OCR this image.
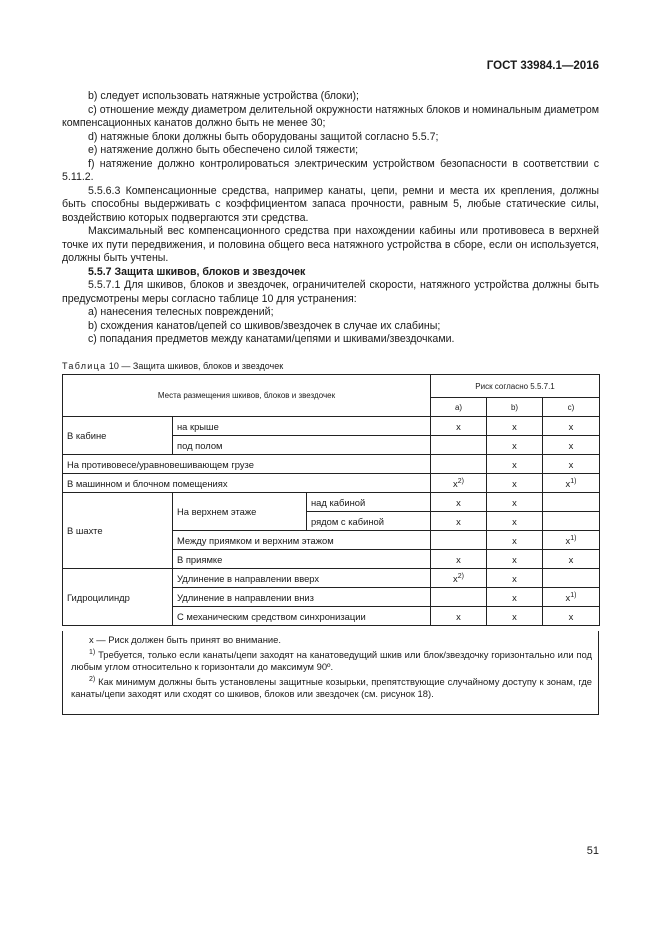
ГОСТ 33984.1—2016

b) следует использовать натяжные устройства (блоки);

c) отношение между диаметром делительной окружности натяжных блоков и номинальным диаметром компенсационных канатов должно быть не менее 30;

d) натяжные блоки должны быть оборудованы защитой согласно 5.5.7;

e) натяжение должно быть обеспечено силой тяжести;

f) натяжение должно контролироваться электрическим устройством безопасности в соответствии с 5.11.2.

5.5.6.3 Компенсационные средства, например канаты, цепи, ремни и места их крепления, должны быть способны выдерживать с коэффициентом запаса прочности, равным 5, любые статические силы, воздействию которых подвергаются эти средства.

Максимальный вес компенсационного средства при нахождении кабины или противовеса в верхней точке их пути передвижения, и половина общего веса натяжного устройства в сборе, если он используется, должны быть учтены.

5.5.7 Защита шкивов, блоков и звездочек

5.5.7.1 Для шкивов, блоков и звездочек, ограничителей скорости, натяжного устройства должны быть предусмотрены меры согласно таблице 10 для устранения:

a) нанесения телесных повреждений;

b) схождения канатов/цепей со шкивов/звездочек в случае их слабины;

c) попадания предметов между канатами/цепями и шкивами/звездочками.

Таблица 10 — Защита шкивов, блоков и звездочек
Места размещения шкивов, блоков и звездочек			Риск согласно 5.5.7.1		
			a)	b)	c)
В кабине	на крыше		x	x	x
	под полом			x	x
На противовесе/уравновешивающем грузе				x	x
В машинном и блочном помещениях			$x^{2)}$	x	$x^{1)}$
В шахте	На верхнем этаже	над кабиной	x	x	
		рядом с кабиной	x	x	
	Между приямком и верхним этажом			x	$x^{1)}$
	В приямке		x	x	x
Гидроцилиндр	Удлинение в направлении вверх		$x^{2)}$	x	
	Удлинение в направлении вниз			x	$x^{1)}$
	С механическим средством синхронизации		x	x	x

x — Риск должен быть принят во внимание.

$^{1)}$ Требуется, только если канаты/цепи заходят на канатоведущий шкив или блок/звездочку горизонтально или под любым углом относительно к горизонтали до максимум 90º.

$^{2)}$ Как минимум должны быть установлены защитные козырьки, препятствующие случайному доступу к зонам, где канаты/цепи заходят или сходят со шкивов, блоков или звездочек (см. рисунок 18).

51
